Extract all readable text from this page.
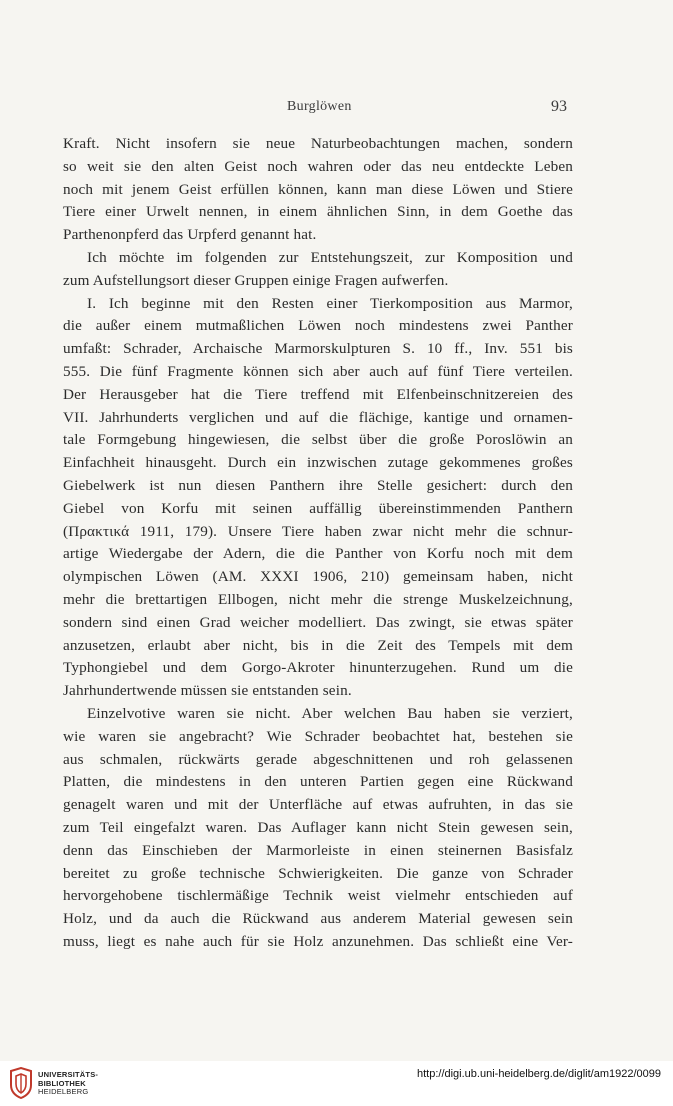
Burglöwen	93
Kraft. Nicht insofern sie neue Naturbeobachtungen machen, sondern
so weit sie den alten Geist noch wahren oder das neu entdeckte Leben
noch mit jenem Geist erfüllen können, kann man diese Löwen und Stiere
Tiere einer Urwelt nennen, in einem ähnlichen Sinn, in dem Goethe das
Parthenonpferd das Urpferd genannt hat.
Ich möchte im folgenden zur Entstehungszeit, zur Komposition und
zum Aufstellungsort dieser Gruppen einige Fragen aufwerfen.
I. Ich beginne mit den Resten einer Tierkomposition aus Marmor,
die außer einem mutmaßlichen Löwen noch mindestens zwei Panther
umfaßt: Schrader, Archaische Marmorskulpturen S. 10 ff., Inv. 551 bis
555. Die fünf Fragmente können sich aber auch auf fünf Tiere verteilen.
Der Herausgeber hat die Tiere treffend mit Elfenbeinschnitzereien des
VII. Jahrhunderts verglichen und auf die flächige, kantige und ornamen-
tale Formgebung hingewiesen, die selbst über die große Poroslöwin an
Einfachheit hinausgeht. Durch ein inzwischen zutage gekommenes großes
Giebelwerk ist nun diesen Panthern ihre Stelle gesichert: durch den
Giebel von Korfu mit seinen auffällig übereinstimmenden Panthern
(Πρακτικά 1911, 179). Unsere Tiere haben zwar nicht mehr die schnur-
artige Wiedergabe der Adern, die die Panther von Korfu noch mit dem
olympischen Löwen (AM. XXXI 1906, 210) gemeinsam haben, nicht
mehr die brettartigen Ellbogen, nicht mehr die strenge Muskelzeichnung,
sondern sind einen Grad weicher modelliert. Das zwingt, sie etwas später
anzusetzen, erlaubt aber nicht, bis in die Zeit des Tempels mit dem
Typhongiebel und dem Gorgo-Akroter hinunterzugehen. Rund um die
Jahrhundertwende müssen sie entstanden sein.
Einzelvotive waren sie nicht. Aber welchen Bau haben sie verziert,
wie waren sie angebracht? Wie Schrader beobachtet hat, bestehen sie
aus schmalen, rückwärts gerade abgeschnittenen und roh gelassenen
Platten, die mindestens in den unteren Partien gegen eine Rückwand
genagelt waren und mit der Unterfläche auf etwas aufruhten, in das sie
zum Teil eingefalzt waren. Das Auflager kann nicht Stein gewesen sein,
denn das Einschieben der Marmorleiste in einen steinernen Basisfalz
bereitet zu große technische Schwierigkeiten. Die ganze von Schrader
hervorgehobene tischlermäßige Technik weist vielmehr entschieden auf
Holz, und da auch die Rückwand aus anderem Material gewesen sein
muss, liegt es nahe auch für sie Holz anzunehmen. Das schließt eine Ver-
UNIVERSITÄTS-
BIBLIOTHEK
HEIDELBERG
http://digi.ub.uni-heidelberg.de/diglit/am1922/0099
